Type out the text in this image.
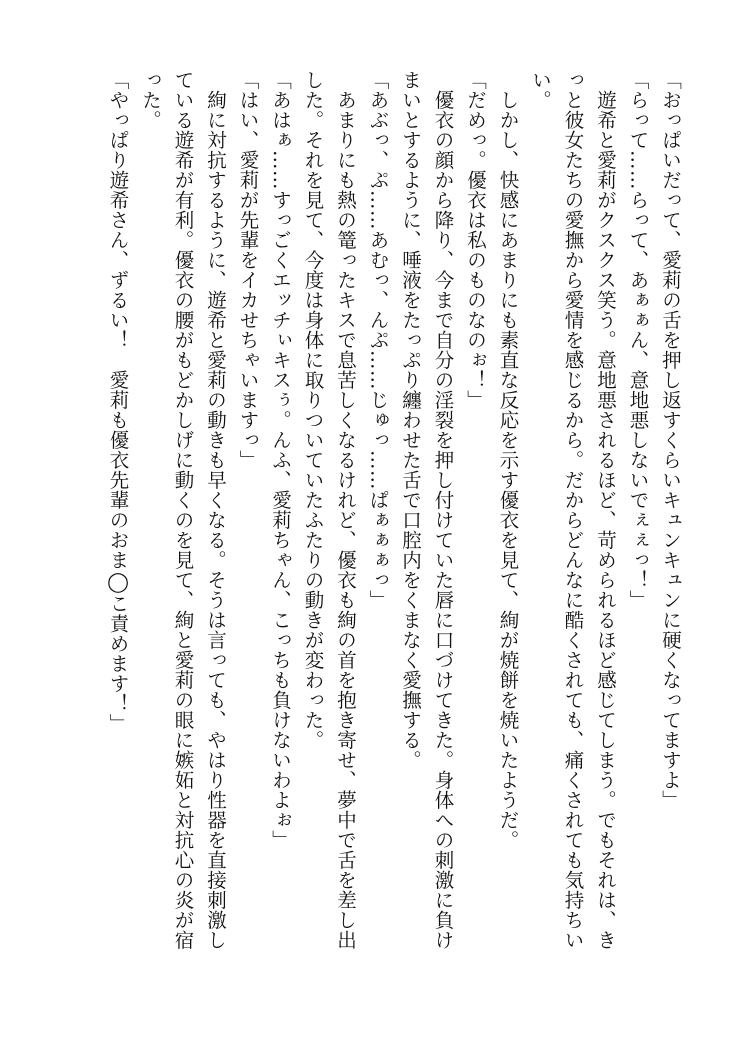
「おっぱいだって、愛莉の舌を押し返すくらいキュンキュンに硬くなってますよ」
「らって……らって、あぁぁん、意地悪しないでぇぇっ！」
　遊希と愛莉がクスクス笑う。意地悪されるほど、苛められるほど感じてしまう。でもそれは、き
っと彼女たちの愛撫から愛情を感じるから。だからどんなに酷くされても、痛くされても気持ちい
い。
　しかし、快感にあまりにも素直な反応を示す優衣を見て、絢が焼餅を焼いたようだ。
「だめっ。優衣は私のものなのぉ！」
　優衣の顔から降り、今まで自分の淫裂を押し付けていた唇に口づけてきた。身体への刺激に負け
まいとするように、唾液をたっぷり纏わせた舌で口腔内をくまなく愛撫する。
「あぶっ、ぷ……あむっ、んぷ……じゅっ……ぱぁぁぁっ」
　あまりにも熱の篭ったキスで息苦しくなるけれど、優衣も絢の首を抱き寄せ、夢中で舌を差し出
した。それを見て、今度は身体に取りついていたふたりの動きが変わった。
「あはぁ……すっごくエッチぃキスぅ。んふ、愛莉ちゃん、こっちも負けないわよぉ」
「はい、愛莉が先輩をイカせちゃいますっ」
　絢に対抗するように、遊希と愛莉の動きも早くなる。そうは言っても、やはり性器を直接刺激し
ている遊希が有利。優衣の腰がもどかしげに動くのを見て、絢と愛莉の眼に嫉妬と対抗心の炎が宿
った。
「やっぱり遊希さん、ずるい！　愛莉も優衣先輩のおま◯こ責めます！」
